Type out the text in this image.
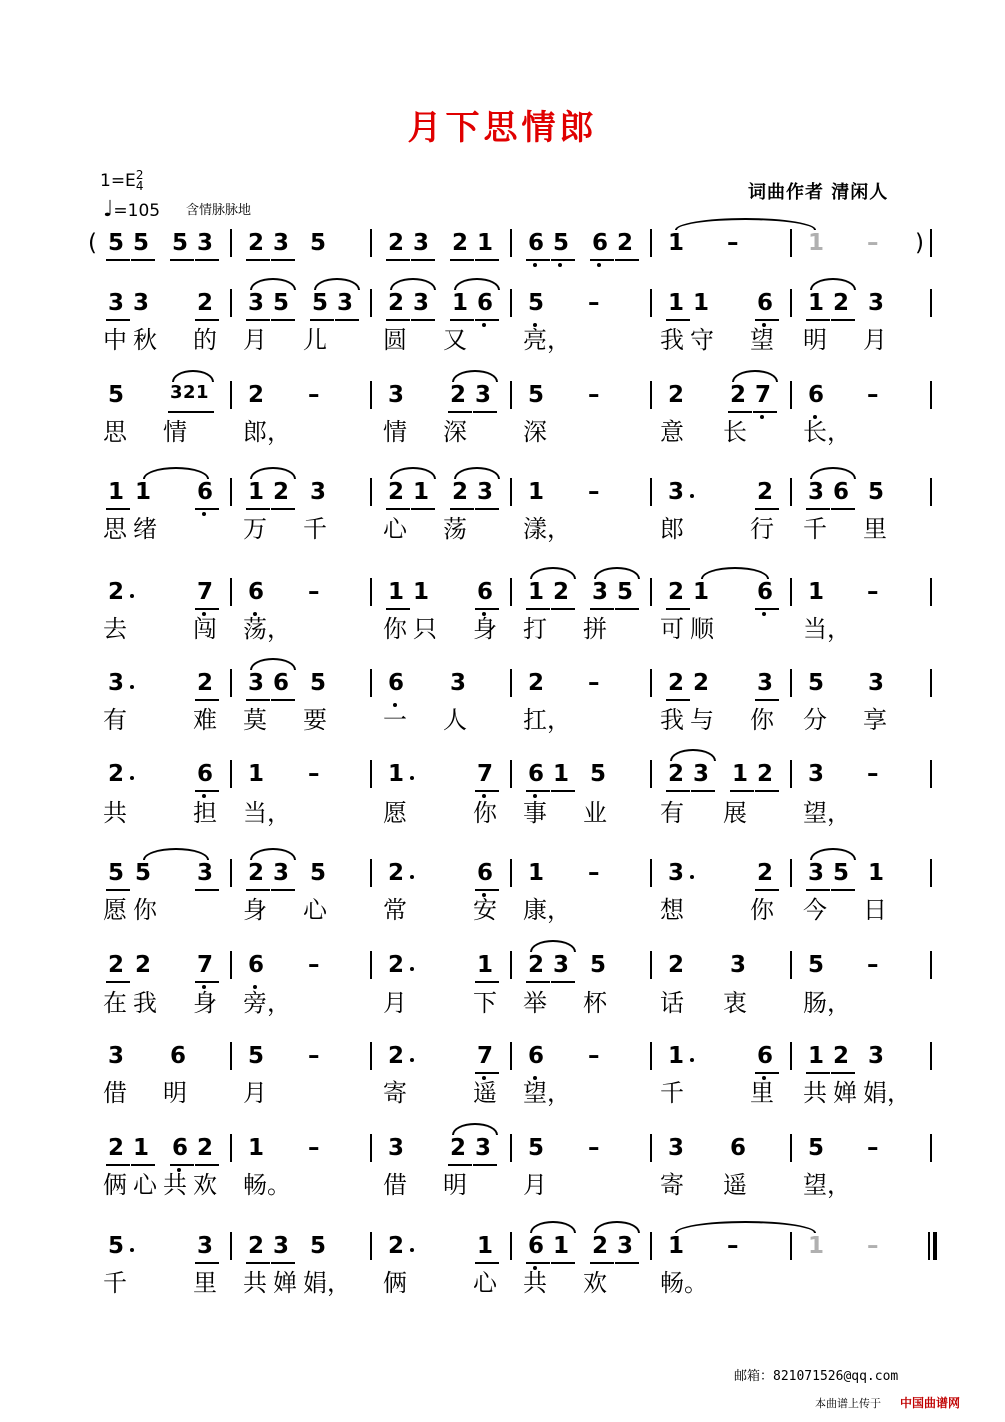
月下思情郎
1=E2
4
♩=105 含情脉脉地
词曲作者 清闲人
(	)
5 5 5 3 2 3 5	2 3 2 1 6 5 6 2 1 –	1 –
3 3 2 3 5 5 3 2 3 1 6 5 –	1 1 6 1 2 3
5	3 2 1 2 –	3 2 3 5 –	2 2 7 6 –
1 1 6 1 2 3	2 1 2 3 1 –	3	2 3 6 5
2	7 6 –	1 1 6 1 2 3 5 2 1 6 1 –
3	2 3 6 5	6 3	2 –	2 2 3 5 3
2	6 1 –	1	7 6 1 5	2 3 1 2 3 –
5 5 3 2 3 5	2	6 1 –	3	2 3 5 1
2 2 7 6 –	2	1 2 3 5	2 3	5 –
3 6	5 –	2	7 6 –	1	6 1 2 3
2 1 6 2 1 –	3 2 3 5 –	3 6	5 –
5	3 2 3 5	2	1 6 1 2 3 1 –	1 –
中 秋 的 月 儿 圆 又 亮，	我 守 望 明 月
思 情 郎，	情 深 深	意 长 长，
思 绪	万 千 心 荡 漾，	郎	行 千 里
去	闯 荡，	你 只 身 打 拼 可 顺	当，
有	难 莫 要 一 人 扛，	我 与 你 分 享
共	担 当，	愿	你 事 业 有 展 望，
愿 你	身 心 常	安 康，	想	你 今 日
在 我 身 旁，	月	下 举 杯 话 衷 肠，
借 明 月	寄	遥 望，	千	里 共 婵 娟，
俩 心 共 欢 畅。	借 明 月	寄 遥 望，
千	里 共 婵 娟， 俩	心 共 欢 畅。
邮箱：821071526@qq.com
本曲谱上传于 中国曲谱网
